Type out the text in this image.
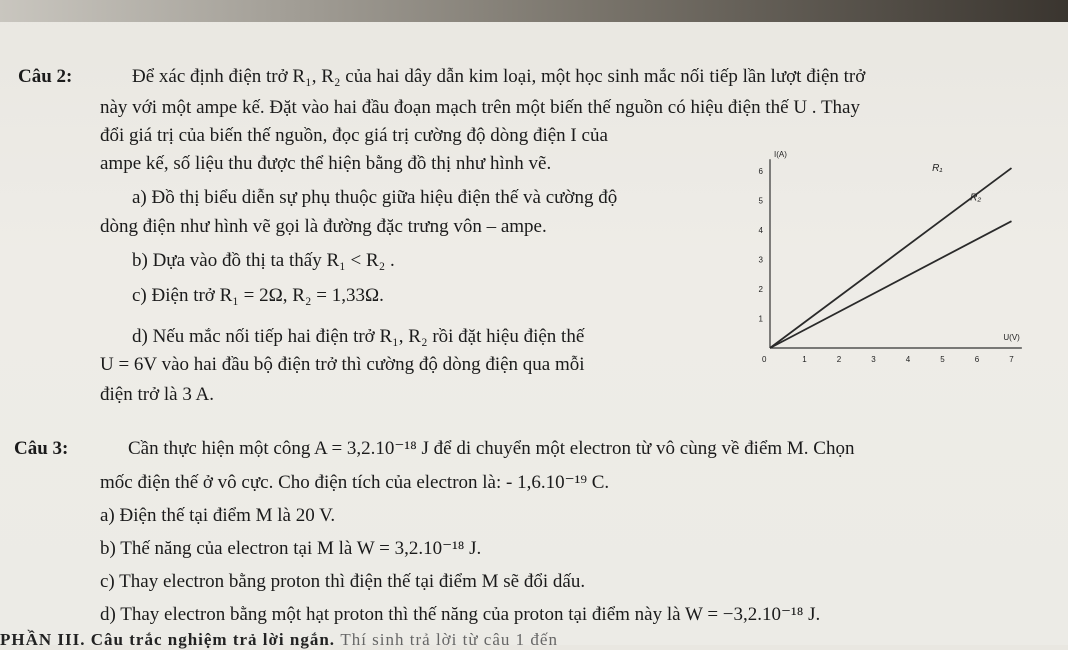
Câu 2:	Để xác định điện trở R₁, R₂ của hai dây dẫn kim loại, một học sinh mắc nối tiếp lần lượt điện trở
này với một ampe kế. Đặt vào hai đầu đoạn mạch trên một biến thế nguồn có hiệu điện thế U . Thay
đổi giá trị của biến thế nguồn, đọc giá trị cường độ dòng điện I của
ampe kế, số liệu thu được thể hiện bằng đồ thị như hình vẽ.
a) Đồ thị biểu diễn sự phụ thuộc giữa hiệu điện thế và cường độ
dòng điện như hình vẽ gọi là đường đặc trưng vôn – ampe.
b) Dựa vào đồ thị ta thấy R₁ < R₂ .
c) Điện trở R₁ = 2Ω, R₂ = 1,33Ω.
d) Nếu mắc nối tiếp hai điện trở R₁, R₂ rồi đặt hiệu điện thế
U = 6V vào hai đầu bộ điện trở thì cường độ dòng điện qua mỗi
điện trở là 3 A.
1
2
3
4
5
6
1	2	3	4	5	6	7
0
I(A)
U(V)
R₁
R₂
Câu 3:	Cần thực hiện một công A = 3,2.10⁻¹⁸ J để di chuyển một electron từ vô cùng về điểm M. Chọn
mốc điện thế ở vô cực. Cho điện tích của electron là: - 1,6.10⁻¹⁹ C.
a) Điện thế tại điểm M là 20 V.
b) Thế năng của electron tại M là W = 3,2.10⁻¹⁸ J.
c) Thay electron bằng proton thì điện thế tại điểm M sẽ đổi dấu.
d) Thay electron bằng một hạt proton thì thế năng của proton tại điểm này là W = −3,2.10⁻¹⁸ J.
PHẦN III. Câu trắc nghiệm trả lời ngắn. Thí sinh trả lời từ câu 1 đến
